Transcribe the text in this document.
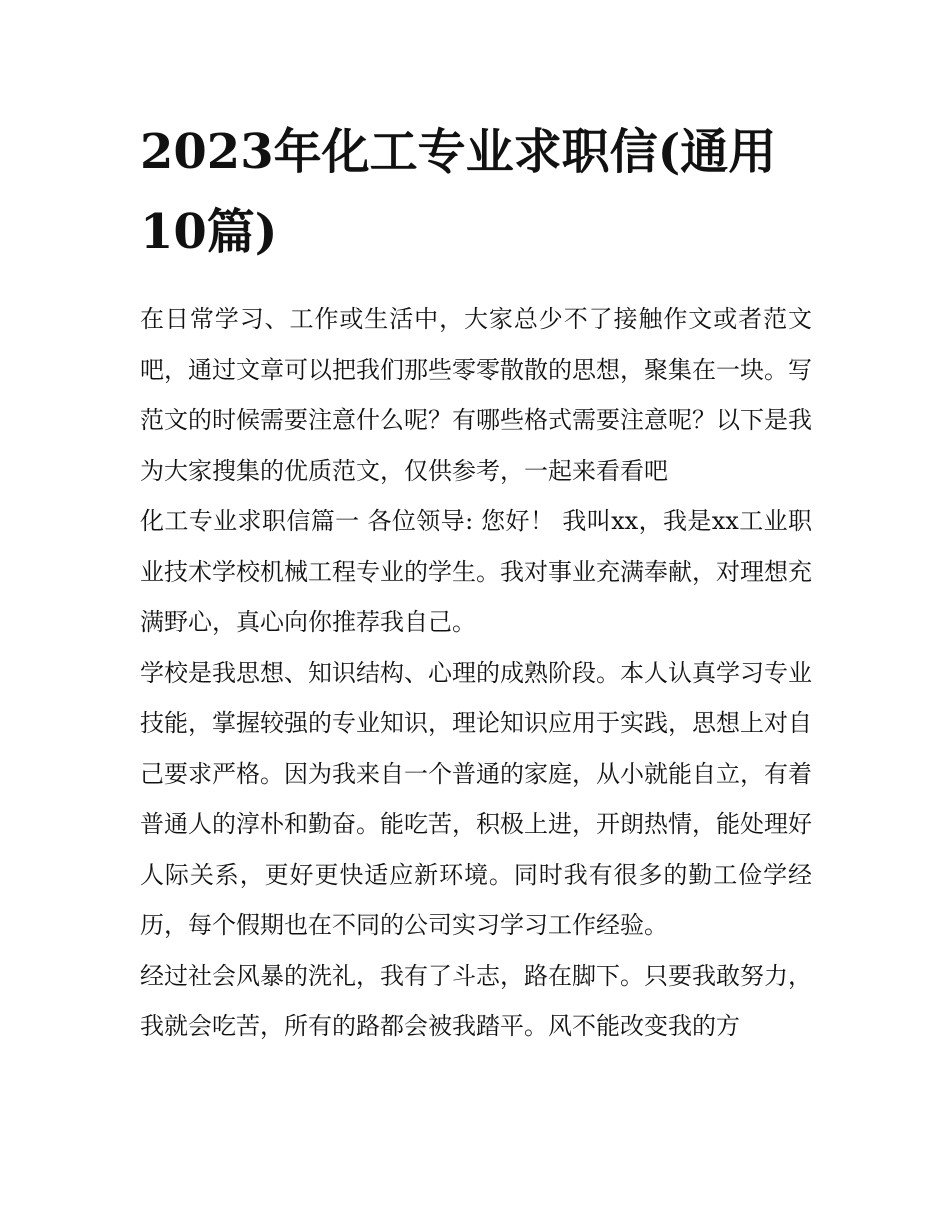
2023年化工专业求职信(通用10篇)

在日常学习、工作或生活中，大家总少不了接触作文或者范文吧，通过文章可以把我们那些零零散散的思想，聚集在一块。写范文的时候需要注意什么呢？有哪些格式需要注意呢？以下是我为大家搜集的优质范文，仅供参考，一起来看看吧

化工专业求职信篇一 各位领导: 您好！ 我叫xx，我是xx工业职业技术学校机械工程专业的学生。我对事业充满奉献，对理想充满野心，真心向你推荐我自己。

学校是我思想、知识结构、心理的成熟阶段。本人认真学习专业技能，掌握较强的专业知识，理论知识应用于实践，思想上对自己要求严格。因为我来自一个普通的家庭，从小就能自立，有着普通人的淳朴和勤奋。能吃苦，积极上进，开朗热情，能处理好人际关系，更好更快适应新环境。同时我有很多的勤工俭学经历，每个假期也在不同的公司实习学习工作经验。

经过社会风暴的洗礼，我有了斗志，路在脚下。只要我敢努力，我就会吃苦，所有的路都会被我踏平。风不能改变我的方
